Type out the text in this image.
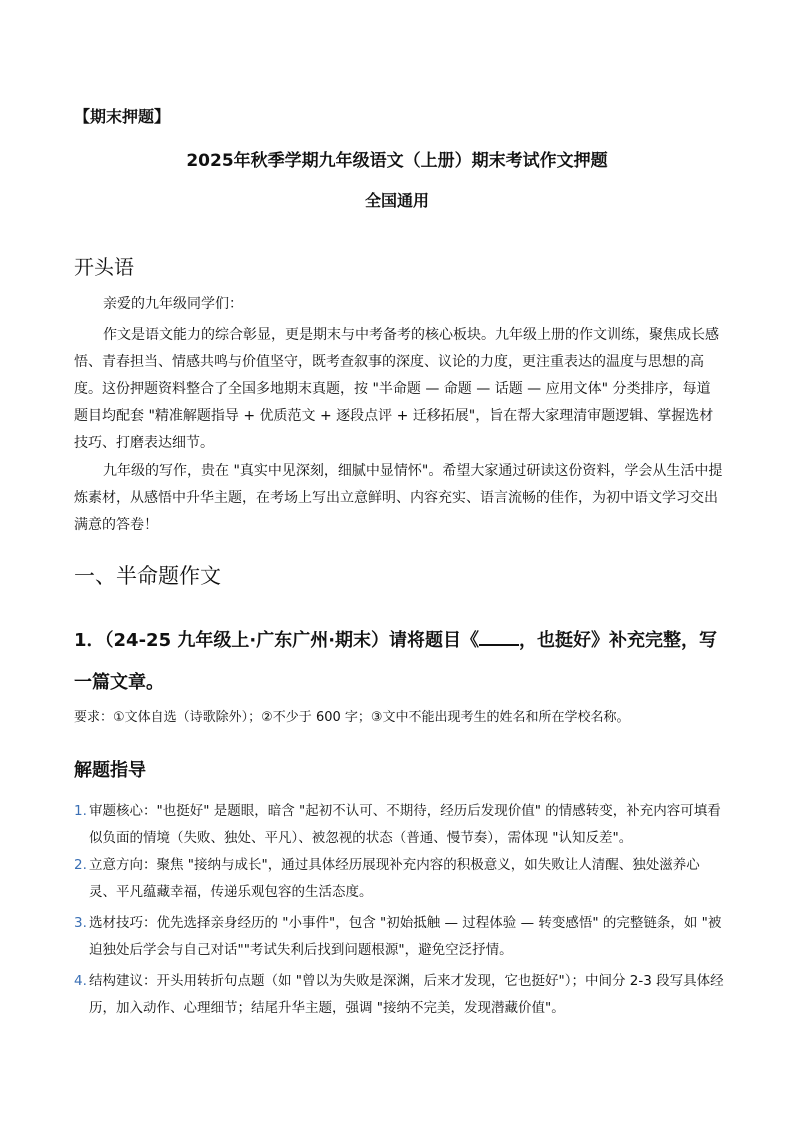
【期末押题】
2025年秋季学期九年级语文（上册）期末考试作文押题
全国通用
开头语
亲爱的九年级同学们：
作文是语文能力的综合彰显，更是期末与中考备考的核心板块。九年级上册的作文训练，聚焦成长感悟、青春担当、情感共鸣与价值坚守，既考查叙事的深度、议论的力度，更注重表达的温度与思想的高度。这份押题资料整合了全国多地期末真题，按 "半命题 — 命题 — 话题 — 应用文体" 分类排序，每道题目均配套 "精准解题指导 + 优质范文 + 逐段点评 + 迁移拓展"，旨在帮大家理清审题逻辑、掌握选材技巧、打磨表达细节。
九年级的写作，贵在 "真实中见深刻，细腻中显情怀"。希望大家通过研读这份资料，学会从生活中提炼素材，从感悟中升华主题，在考场上写出立意鲜明、内容充实、语言流畅的佳作，为初中语文学习交出满意的答卷！
一、半命题作文
1．（24-25 九年级上·广东广州·期末）请将题目《 ，也挺好》补充完整，写一篇文章。
要求：①文体自选（诗歌除外）；②不少于 600 字；③文中不能出现考生的姓名和所在学校名称。
解题指导
1. 审题核心："也挺好" 是题眼，暗含 "起初不认可、不期待，经历后发现价值" 的情感转变，补充内容可填看似负面的情境（失败、独处、平凡）、被忽视的状态（普通、慢节奏），需体现 "认知反差"。
2. 立意方向：聚焦 "接纳与成长"，通过具体经历展现补充内容的积极意义，如失败让人清醒、独处滋养心灵、平凡蕴藏幸福，传递乐观包容的生活态度。
3. 选材技巧：优先选择亲身经历的 "小事件"，包含 "初始抵触 — 过程体验 — 转变感悟" 的完整链条，如 "被迫独处后学会与自己对话""考试失利后找到问题根源"，避免空泛抒情。
4. 结构建议：开头用转折句点题（如 "曾以为失败是深渊，后来才发现，它也挺好"）；中间分 2-3 段写具体经历，加入动作、心理细节；结尾升华主题，强调 "接纳不完美，发现潜藏价值"。
